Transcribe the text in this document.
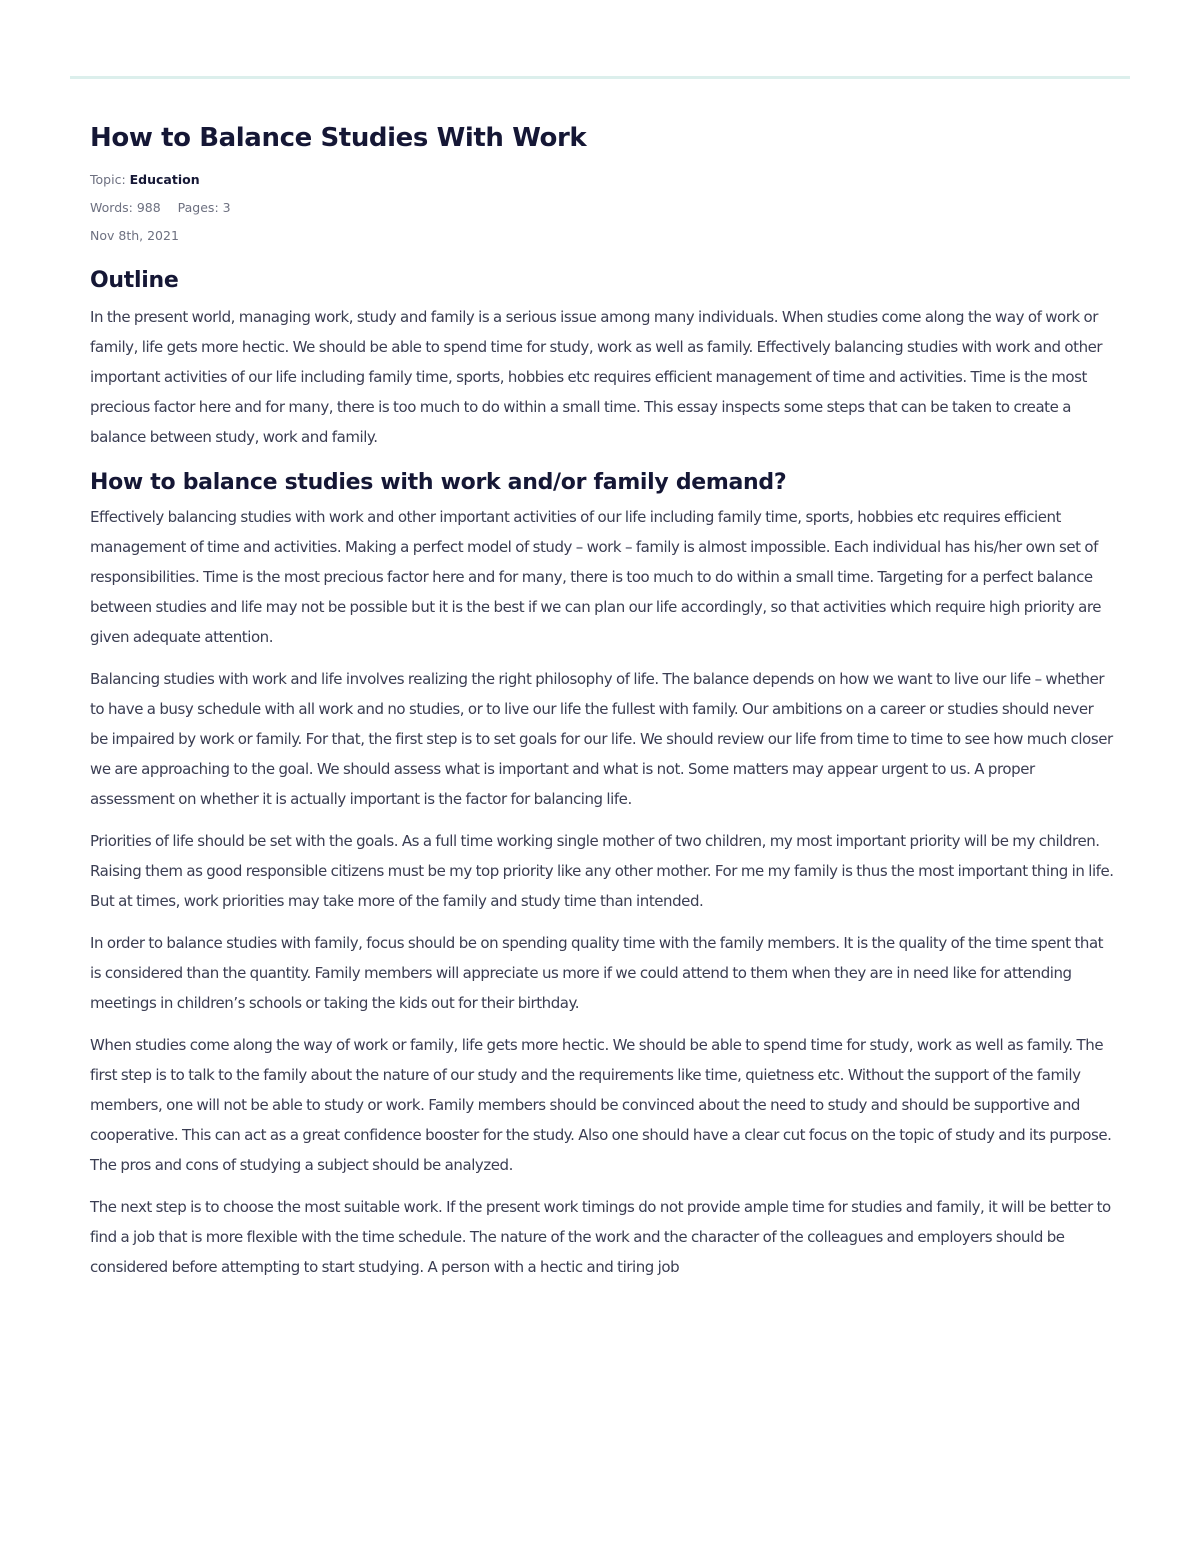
How to Balance Studies With Work
Topic: Education
Words: 988 Pages: 3
Nov 8th, 2021
Outline

In the present world, managing work, study and family is a serious issue among many individuals. When studies come along the way of work or family, life gets more hectic. We should be able to spend time for study, work as well as family. Effectively balancing studies with work and other important activities of our life including family time, sports, hobbies etc requires efficient management of time and activities. Time is the most precious factor here and for many, there is too much to do within a small time. This essay inspects some steps that can be taken to create a balance between study, work and family.

How to balance studies with work and/or family demand?

Effectively balancing studies with work and other important activities of our life including family time, sports, hobbies etc requires efficient management of time and activities. Making a perfect model of study – work – family is almost impossible. Each individual has his/her own set of responsibilities. Time is the most precious factor here and for many, there is too much to do within a small time. Targeting for a perfect balance between studies and life may not be possible but it is the best if we can plan our life accordingly, so that activities which require high priority are given adequate attention.

Balancing studies with work and life involves realizing the right philosophy of life. The balance depends on how we want to live our life – whether to have a busy schedule with all work and no studies, or to live our life the fullest with family. Our ambitions on a career or studies should never be impaired by work or family. For that, the first step is to set goals for our life. We should review our life from time to time to see how much closer we are approaching to the goal. We should assess what is important and what is not. Some matters may appear urgent to us. A proper assessment on whether it is actually important is the factor for balancing life.

Priorities of life should be set with the goals. As a full time working single mother of two children, my most important priority will be my children. Raising them as good responsible citizens must be my top priority like any other mother. For me my family is thus the most important thing in life. But at times, work priorities may take more of the family and study time than intended.

In order to balance studies with family, focus should be on spending quality time with the family members. It is the quality of the time spent that is considered than the quantity. Family members will appreciate us more if we could attend to them when they are in need like for attending meetings in children’s schools or taking the kids out for their birthday.

When studies come along the way of work or family, life gets more hectic. We should be able to spend time for study, work as well as family. The first step is to talk to the family about the nature of our study and the requirements like time, quietness etc. Without the support of the family members, one will not be able to study or work. Family members should be convinced about the need to study and should be supportive and cooperative. This can act as a great confidence booster for the study. Also one should have a clear cut focus on the topic of study and its purpose. The pros and cons of studying a subject should be analyzed.

The next step is to choose the most suitable work. If the present work timings do not provide ample time for studies and family, it will be better to find a job that is more flexible with the time schedule. The nature of the work and the character of the colleagues and employers should be considered before attempting to start studying. A person with a hectic and tiring job
